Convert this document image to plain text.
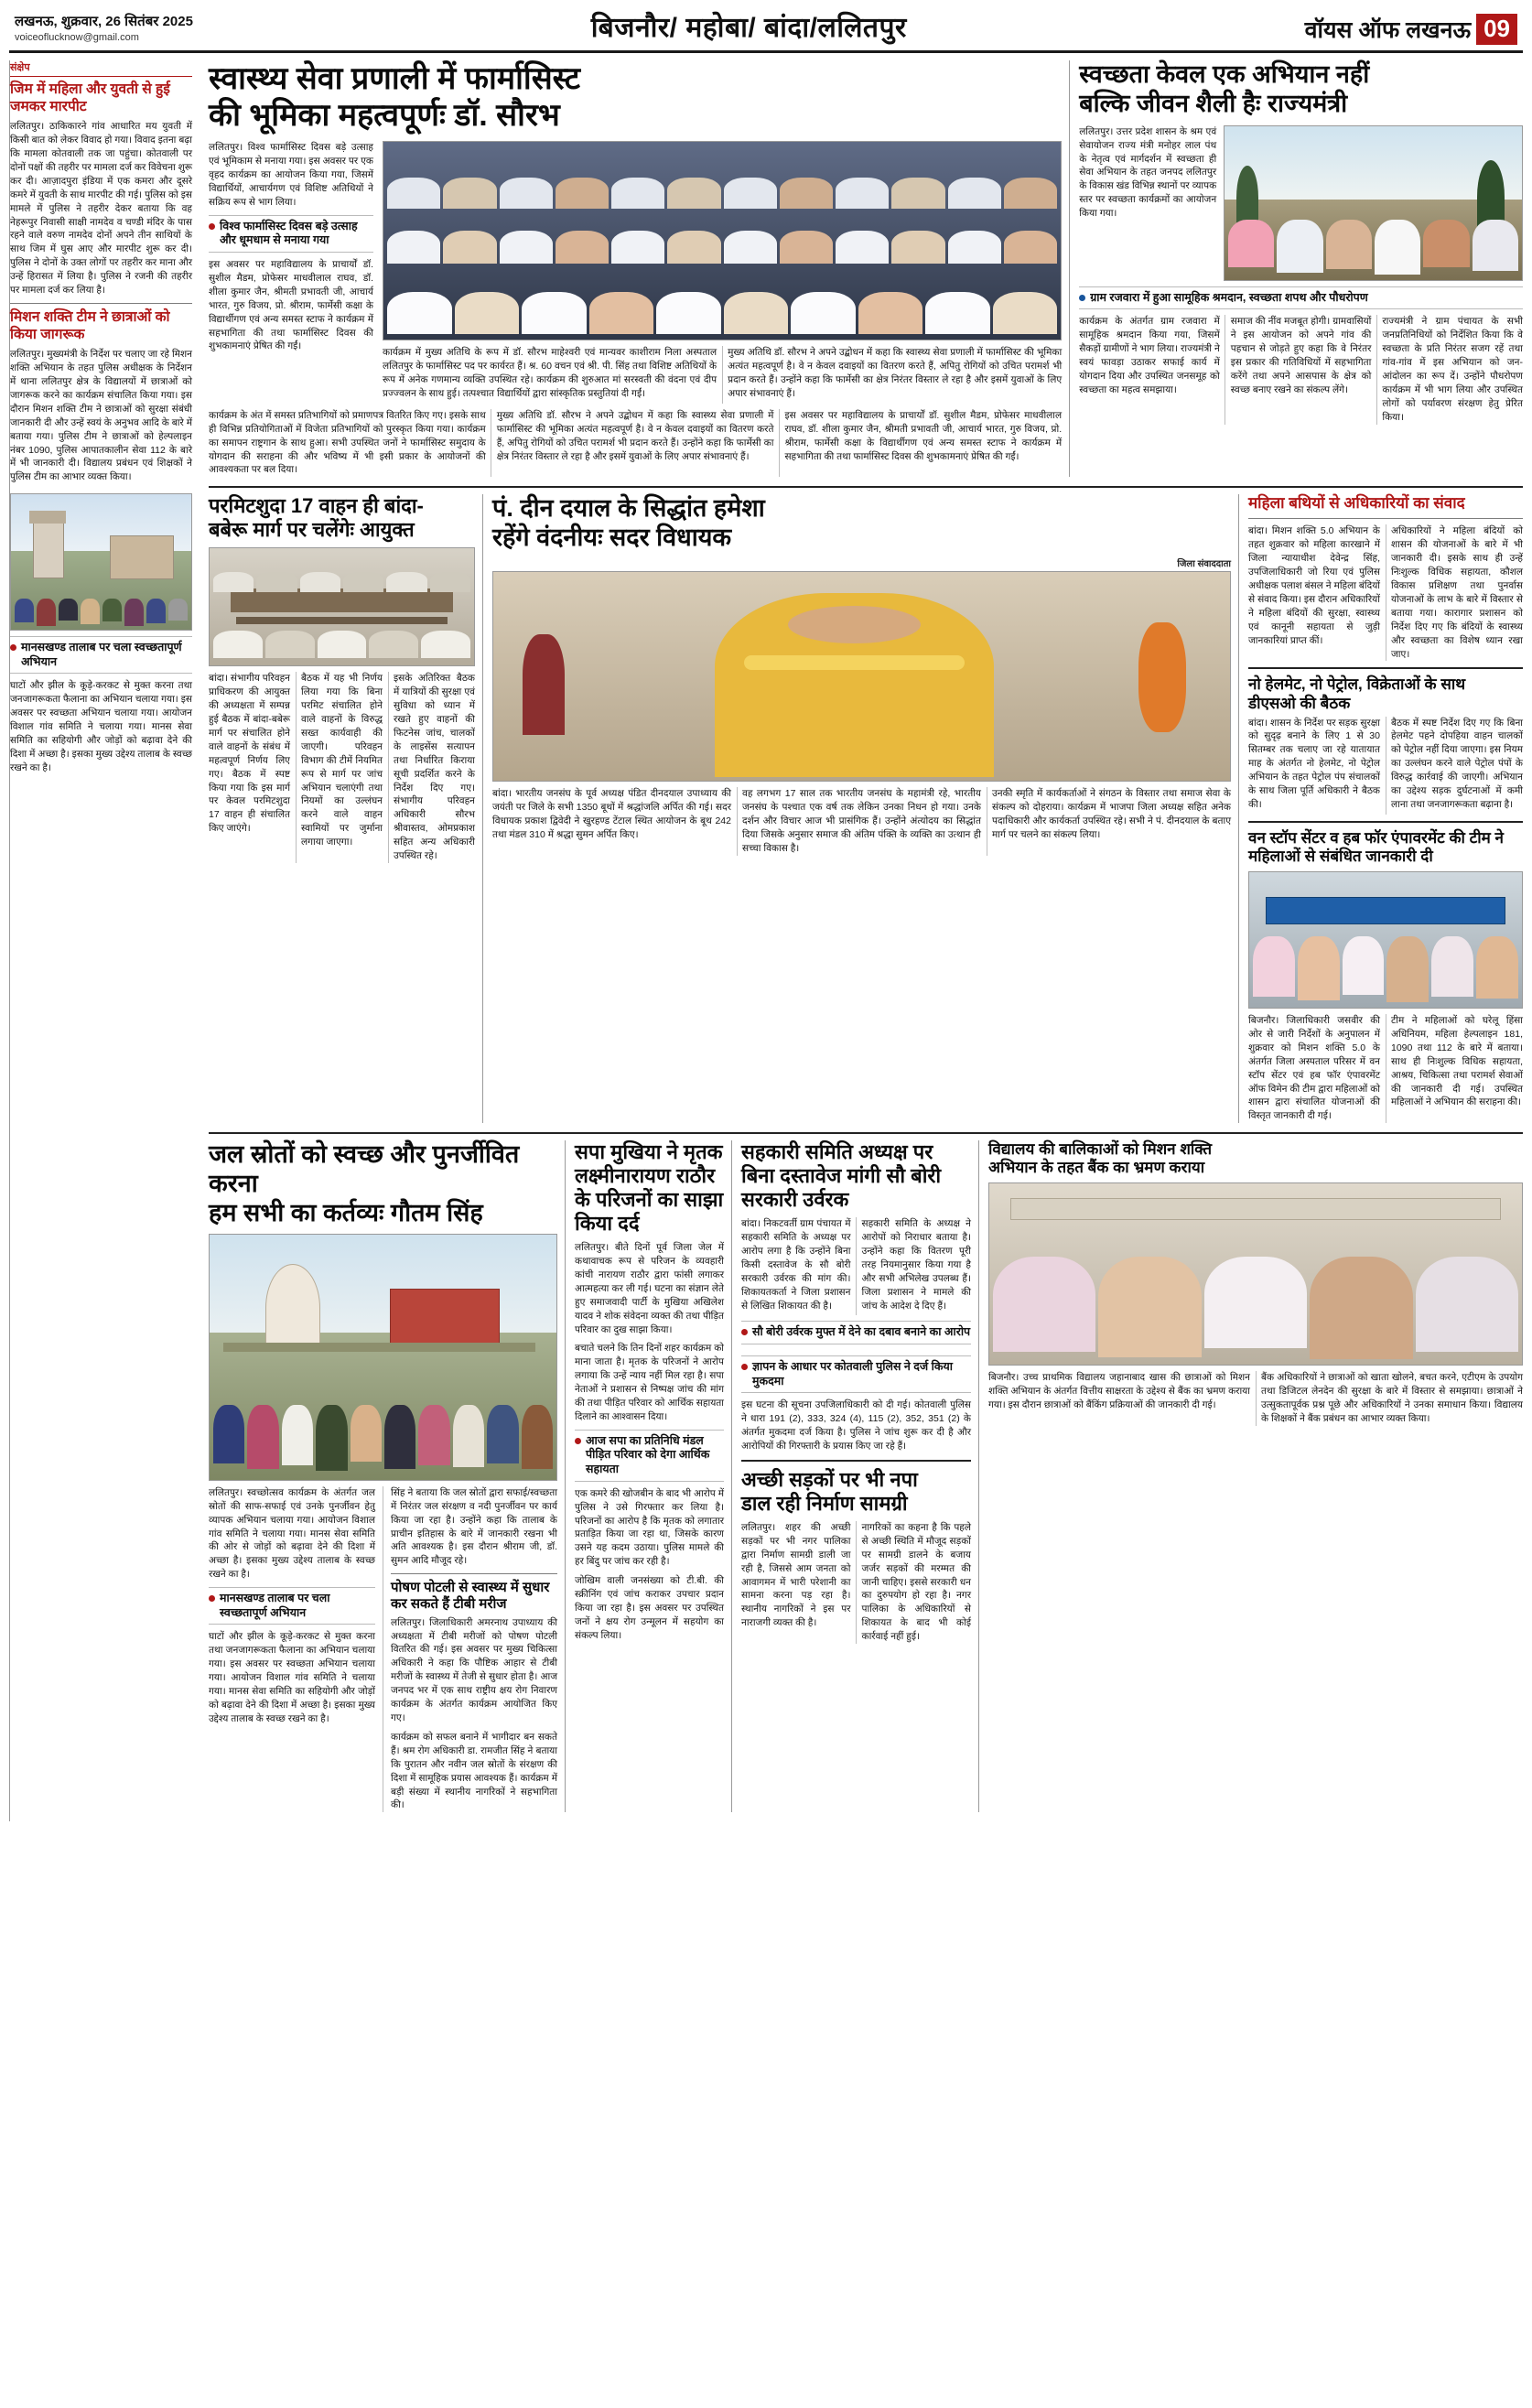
लखनऊ, शुक्रवार, 26 सितंबर 2025
voiceoflucknow@gmail.com	बिजनौर/ महोबा/ बांदा/ललितपुर	वॉयस ऑफ लखनऊ 09
संक्षेप
जिम में महिला और युवती से हुई जमकर मारपीट
ललितपुर। ठाकिकारने गांव आधारित मय युवती में किसी बात को लेकर विवाद हो गया। विवाद इतना बढ़ा कि मामला कोतवाली तक जा पहुंचा। कोतवाली पर दोनों पक्षों की तहरीर पर मामला दर्ज कर विवेचना शुरू कर दी। आज़ादपुरा इंडिया में एक कमरा और दूसरे कमरे में युवती के साथ मारपीट की गई। पुलिस को इस मामले में पुलिस ने तहरीर देकर बताया कि वह नेहरूपुर निवासी साक्षी नामदेव व चण्डी मंदिर के पास रहने वाले वरुण नामदेव दोनों अपने तीन साथियों के साथ जिम में घुस आए और मारपीट शुरू कर दी। पुलिस ने दोनों के उक्त लोगों पर तहरीर कर माना और उन्हें हिरासत में लिया है। पुलिस ने रजनी की तहरीर पर मामला दर्ज कर लिया है।
मिशन शक्ति टीम ने छात्राओं को किया जागरूक
ललितपुर। मुख्यमंत्री के निर्देश पर चलाए जा रहे मिशन शक्ति अभियान के तहत पुलिस अधीक्षक के निर्देशन में थाना ललितपुर क्षेत्र के विद्यालयों में छात्राओं को जागरूक करने का कार्यक्रम संचालित किया गया। इस दौरान मिशन शक्ति टीम ने छात्राओं को सुरक्षा संबंधी जानकारी दी और उन्हें स्वयं के अनुभव आदि के बारे में बताया गया। पुलिस टीम ने छात्राओं को हेल्पलाइन नंबर 1090, पुलिस आपातकालीन सेवा 112 के बारे में भी जानकारी दी। विद्यालय प्रबंधन एवं शिक्षकों ने पुलिस टीम का आभार व्यक्त किया।
मानसखण्ड तालाब पर चला स्वच्छतापूर्ण अभियान
घाटों और झील के कूड़े-करकट से मुक्त करना तथा जनजागरूकता फैलाना का अभियान चलाया गया। इस अवसर पर स्वच्छता अभियान चलाया गया। आयोजन विशाल गांव समिति ने चलाया गया। मानस सेवा समिति का सहियोगी और जोड़ों को बढ़ावा देने की दिशा में अच्छा है। इसका मुख्य उद्देश्य तालाब के स्वच्छ रखने का है।
स्वास्थ्य सेवा प्रणाली में फार्मासिस्ट
की भूमिका महत्वपूर्णः डॉ. सौरभ
ललितपुर। विश्व फार्मासिस्ट दिवस बड़े उत्साह एवं भूमिकाम से मनाया गया। इस अवसर पर एक वृहद कार्यक्रम का आयोजन किया गया, जिसमें विद्यार्थियों, आचार्यगण एवं विशिष्ट अतिथियों ने सक्रिय रूप से भाग लिया।
विश्व फार्मासिस्ट दिवस बड़े उत्साह और धूमधाम से मनाया गया
इस अवसर पर महाविद्यालय के प्राचार्यों डॉ. सुशील मैडम, प्रोफेसर माधवीलाल राघव, डॉ. शीला कुमार जैन, श्रीमती प्रभावती जी, आचार्य भारत, गुरु विजय, प्रो. श्रीराम, फार्मेसी कक्षा के विद्यार्थीगण एवं अन्य समस्त स्टाफ ने कार्यक्रम में सहभागिता की तथा फार्मासिस्ट दिवस की शुभकामनाएं प्रेषित की गईं।
कार्यक्रम में मुख्य अतिथि के रूप में डॉ. सौरभ माहेश्वरी एवं मान्यवर काशीराम निला अस्पताल ललितपुर के फार्मासिस्ट पद पर कार्यरत हैं। श्र. 60 वचन एवं श्री. पी. सिंह तथा विशिष्ट अतिथियों के रूप में अनेक गणमान्य व्यक्ति उपस्थित रहे। कार्यक्रम की शुरुआत मां सरस्वती की वंदना एवं दीप प्रज्ज्वलन के साथ हुई। तत्पश्चात विद्यार्थियों द्वारा सांस्कृतिक प्रस्तुतियां दी गईं।
मुख्य अतिथि डॉ. सौरभ ने अपने उद्बोधन में कहा कि स्वास्थ्य सेवा प्रणाली में फार्मासिस्ट की भूमिका अत्यंत महत्वपूर्ण है। वे न केवल दवाइयों का वितरण करते हैं, अपितु रोगियों को उचित परामर्श भी प्रदान करते हैं। उन्होंने कहा कि फार्मेसी का क्षेत्र निरंतर विस्तार ले रहा है और इसमें युवाओं के लिए अपार संभावनाएं हैं।
कार्यक्रम के अंत में समस्त प्रतिभागियों को प्रमाणपत्र वितरित किए गए। इसके साथ ही विभिन्न प्रतियोगिताओं में विजेता प्रतिभागियों को पुरस्कृत किया गया। कार्यक्रम का समापन राष्ट्रगान के साथ हुआ। सभी उपस्थित जनों ने फार्मासिस्ट समुदाय के योगदान की सराहना की और भविष्य में भी इसी प्रकार के आयोजनों की आवश्यकता पर बल दिया।
मुख्य अतिथि डॉ. सौरभ ने अपने उद्बोधन में कहा कि स्वास्थ्य सेवा प्रणाली में फार्मासिस्ट की भूमिका अत्यंत महत्वपूर्ण है। वे न केवल दवाइयों का वितरण करते हैं, अपितु रोगियों को उचित परामर्श भी प्रदान करते हैं। उन्होंने कहा कि फार्मेसी का क्षेत्र निरंतर विस्तार ले रहा है और इसमें युवाओं के लिए अपार संभावनाएं हैं।
इस अवसर पर महाविद्यालय के प्राचार्यों डॉ. सुशील मैडम, प्रोफेसर माधवीलाल राघव, डॉ. शीला कुमार जैन, श्रीमती प्रभावती जी, आचार्य भारत, गुरु विजय, प्रो. श्रीराम, फार्मेसी कक्षा के विद्यार्थीगण एवं अन्य समस्त स्टाफ ने कार्यक्रम में सहभागिता की तथा फार्मासिस्ट दिवस की शुभकामनाएं प्रेषित की गईं।
स्वच्छता केवल एक अभियान नहीं
बल्कि जीवन शैली हैः राज्यमंत्री
ललितपुर। उत्तर प्रदेश शासन के श्रम एवं सेवायोजन राज्य मंत्री मनोहर लाल पंथ के नेतृत्व एवं मार्गदर्शन में स्वच्छता ही सेवा अभियान के तहत जनपद ललितपुर के विकास खंड विभिन्न स्थानों पर व्यापक स्तर पर स्वच्छता कार्यक्रमों का आयोजन किया गया।
ग्राम रजवारा में हुआ सामूहिक श्रमदान, स्वच्छता शपथ और पौधरोपण
कार्यक्रम के अंतर्गत ग्राम रजवारा में सामूहिक श्रमदान किया गया, जिसमें सैकड़ों ग्रामीणों ने भाग लिया। राज्यमंत्री ने स्वयं फावड़ा उठाकर सफाई कार्य में योगदान दिया और उपस्थित जनसमूह को स्वच्छता का महत्व समझाया।
समाज की नींव मजबूत होगी। ग्रामवासियों ने इस आयोजन को अपने गांव की पहचान से जोड़ते हुए कहा कि वे निरंतर इस प्रकार की गतिविधियों में सहभागिता करेंगे तथा अपने आसपास के क्षेत्र को स्वच्छ बनाए रखने का संकल्प लेंगे।
राज्यमंत्री ने ग्राम पंचायत के सभी जनप्रतिनिधियों को निर्देशित किया कि वे स्वच्छता के प्रति निरंतर सजग रहें तथा गांव-गांव में इस अभियान को जन-आंदोलन का रूप दें। उन्होंने पौधरोपण कार्यक्रम में भी भाग लिया और उपस्थित लोगों को पर्यावरण संरक्षण हेतु प्रेरित किया।
परमिटशुदा 17 वाहन ही बांदा-
बबेरू मार्ग पर चलेंगेः आयुक्त
बांदा। संभागीय परिवहन प्राधिकरण की आयुक्त की अध्यक्षता में सम्पन्न हुई बैठक में बांदा-बबेरू मार्ग पर संचालित होने वाले वाहनों के संबंध में महत्वपूर्ण निर्णय लिए गए। बैठक में स्पष्ट किया गया कि इस मार्ग पर केवल परमिटशुदा 17 वाहन ही संचालित किए जाएंगे।
बैठक में यह भी निर्णय लिया गया कि बिना परमिट संचालित होने वाले वाहनों के विरुद्ध सख्त कार्यवाही की जाएगी। परिवहन विभाग की टीमें नियमित रूप से मार्ग पर जांच अभियान चलाएंगी तथा नियमों का उल्लंघन करने वाले वाहन स्वामियों पर जुर्माना लगाया जाएगा।
इसके अतिरिक्त बैठक में यात्रियों की सुरक्षा एवं सुविधा को ध्यान में रखते हुए वाहनों की फिटनेस जांच, चालकों के लाइसेंस सत्यापन तथा निर्धारित किराया सूची प्रदर्शित करने के निर्देश दिए गए। संभागीय परिवहन अधिकारी सौरभ श्रीवास्तव, ओमप्रकाश सहित अन्य अधिकारी उपस्थित रहे।
पं. दीन दयाल के सिद्धांत हमेशा
रहेंगे वंदनीयः सदर विधायक
जिला संवाददाता
बांदा। भारतीय जनसंघ के पूर्व अध्यक्ष पंडित दीनदयाल उपाध्याय की जयंती पर जिले के सभी 1350 बूथों में श्रद्धांजलि अर्पित की गई। सदर विधायक प्रकाश द्विवेदी ने खुरहण्ड टेंटाल स्थित आयोजन के बूथ 242 तथा मंडल 310 में श्रद्धा सुमन अर्पित किए।
वह लगभग 17 साल तक भारतीय जनसंघ के महामंत्री रहे, भारतीय जनसंघ के पश्चात एक वर्ष तक लेकिन उनका निधन हो गया। उनके दर्शन और विचार आज भी प्रासंगिक हैं। उन्होंने अंत्योदय का सिद्धांत दिया जिसके अनुसार समाज की अंतिम पंक्ति के व्यक्ति का उत्थान ही सच्चा विकास है।
उनकी स्मृति में कार्यकर्ताओं ने संगठन के विस्तार तथा समाज सेवा के संकल्प को दोहराया। कार्यक्रम में भाजपा जिला अध्यक्ष सहित अनेक पदाधिकारी और कार्यकर्ता उपस्थित रहे। सभी ने पं. दीनदयाल के बताए मार्ग पर चलने का संकल्प लिया।
महिला बथियों से अधिकारियों का संवाद
बांदा। मिशन शक्ति 5.0 अभियान के तहत शुक्रवार को महिला कारखाने में जिला न्यायाधीश देवेन्द्र सिंह, उपजिलाधिकारी जो रिया एवं पुलिस अधीक्षक पलाश बंसल ने महिला बंदियों से संवाद किया। इस दौरान अधिकारियों ने महिला बंदियों की सुरक्षा, स्वास्थ्य एवं कानूनी सहायता से जुड़ी जानकारियां प्राप्त कीं।
अधिकारियों ने महिला बंदियों को शासन की योजनाओं के बारे में भी जानकारी दी। इसके साथ ही उन्हें निःशुल्क विधिक सहायता, कौशल विकास प्रशिक्षण तथा पुनर्वास योजनाओं के लाभ के बारे में विस्तार से बताया गया। कारागार प्रशासन को निर्देश दिए गए कि बंदियों के स्वास्थ्य और स्वच्छता का विशेष ध्यान रखा जाए।
नो हेलमेट, नो पेट्रोल, विक्रेताओं के साथ
डीएसओ की बैठक
बांदा। शासन के निर्देश पर सड़क सुरक्षा को सुदृढ़ बनाने के लिए 1 से 30 सितम्बर तक चलाए जा रहे यातायात माह के अंतर्गत नो हेलमेट, नो पेट्रोल अभियान के तहत पेट्रोल पंप संचालकों के साथ जिला पूर्ति अधिकारी ने बैठक की।
बैठक में स्पष्ट निर्देश दिए गए कि बिना हेलमेट पहने दोपहिया वाहन चालकों को पेट्रोल नहीं दिया जाएगा। इस नियम का उल्लंघन करने वाले पेट्रोल पंपों के विरुद्ध कार्रवाई की जाएगी। अभियान का उद्देश्य सड़क दुर्घटनाओं में कमी लाना तथा जनजागरूकता बढ़ाना है।
वन स्टॉप सेंटर व हब फॉर एंपावरमेंट की टीम ने महिलाओं से संबंधित जानकारी दी
बिजनौर। जिलाधिकारी जसवीर की ओर से जारी निर्देशों के अनुपालन में शुक्रवार को मिशन शक्ति 5.0 के अंतर्गत जिला अस्पताल परिसर में वन स्टॉप सेंटर एवं हब फॉर एंपावरमेंट ऑफ विमेन की टीम द्वारा महिलाओं को शासन द्वारा संचालित योजनाओं की विस्तृत जानकारी दी गई।
टीम ने महिलाओं को घरेलू हिंसा अधिनियम, महिला हेल्पलाइन 181, 1090 तथा 112 के बारे में बताया। साथ ही निःशुल्क विधिक सहायता, आश्रय, चिकित्सा तथा परामर्श सेवाओं की जानकारी दी गई। उपस्थित महिलाओं ने अभियान की सराहना की।
जल स्रोतों को स्वच्छ और पुनर्जीवित करना
हम सभी का कर्तव्यः गौतम सिंह
ललितपुर। स्वच्छोत्सव कार्यक्रम के अंतर्गत जल स्रोतों की साफ-सफाई एवं उनके पुनर्जीवन हेतु व्यापक अभियान चलाया गया। आयोजन विशाल गांव समिति ने चलाया गया। मानस सेवा समिति की ओर से जोड़ों को बढ़ावा देने की दिशा में अच्छा है। इसका मुख्य उद्देश्य तालाब के स्वच्छ रखने का है।
मानसखण्ड तालाब पर चला स्वच्छतापूर्ण अभियान
घाटों और झील के कूड़े-करकट से मुक्त करना तथा जनजागरूकता फैलाना का अभियान चलाया गया। इस अवसर पर स्वच्छता अभियान चलाया गया। आयोजन विशाल गांव समिति ने चलाया गया। मानस सेवा समिति का सहियोगी और जोड़ों को बढ़ावा देने की दिशा में अच्छा है। इसका मुख्य उद्देश्य तालाब के स्वच्छ रखने का है।
सिंह ने बताया कि जल स्रोतों द्वारा सफाई/स्वच्छता में निरंतर जल संरक्षण व नदी पुनर्जीवन पर कार्य किया जा रहा है। उन्होंने कहा कि तालाब के प्राचीन इतिहास के बारे में जानकारी रखना भी अति आवश्यक है। इस दौरान श्रीराम जी, डॉ. सुमन आदि मौजूद रहे।
पोषण पोटली से स्वास्थ्य में सुधार कर सकते हैं टीबी मरीज
ललितपुर। जिलाधिकारी अमरनाथ उपाध्याय की अध्यक्षता में टीबी मरीजों को पोषण पोटली वितरित की गई। इस अवसर पर मुख्य चिकित्सा अधिकारी ने कहा कि पौष्टिक आहार से टीबी मरीजों के स्वास्थ्य में तेजी से सुधार होता है। आज जनपद भर में एक साथ राष्ट्रीय क्षय रोग निवारण कार्यक्रम के अंतर्गत कार्यक्रम आयोजित किए गए।
कार्यक्रम को सफल बनाने में भागीदार बन सकते हैं। श्रम रोग अधिकारी डा. रामजीत सिंह ने बताया कि पुरातन और नवीन जल स्रोतों के संरक्षण की दिशा में सामूहिक प्रयास आवश्यक हैं। कार्यक्रम में बड़ी संख्या में स्थानीय नागरिकों ने सहभागिता की।
सपा मुखिया ने मृतक लक्ष्मीनारायण राठौर के परिजनों का साझा किया दर्द
ललितपुर। बीते दिनों पूर्व जिला जेल में कथावाचक रूप से परिजन के व्यवहारी कांची नारायण राठौर द्वारा फांसी लगाकर आत्महत्या कर ली गई। घटना का संज्ञान लेते हुए समाजवादी पार्टी के मुखिया अखिलेश यादव ने शोक संवेदना व्यक्त की तथा पीड़ित परिवार का दुख साझा किया।
बचाते चलने कि तिन दिनों शहर कार्यक्रम को माना जाता है। मृतक के परिजनों ने आरोप लगाया कि उन्हें न्याय नहीं मिल रहा है। सपा नेताओं ने प्रशासन से निष्पक्ष जांच की मांग की तथा पीड़ित परिवार को आर्थिक सहायता दिलाने का आश्वासन दिया।
आज सपा का प्रतिनिधि मंडल पीड़ित परिवार को देगा आर्थिक सहायता
एक कमरे की खोजबीन के बाद भी आरोप में पुलिस ने उसे गिरफ्तार कर लिया है। परिजनों का आरोप है कि मृतक को लगातार प्रताड़ित किया जा रहा था, जिसके कारण उसने यह कदम उठाया। पुलिस मामले की हर बिंदु पर जांच कर रही है।
जोखिम वाली जनसंख्या को टी.बी. की स्क्रीनिंग एवं जांच कराकर उपचार प्रदान किया जा रहा है। इस अवसर पर उपस्थित जनों ने क्षय रोग उन्मूलन में सहयोग का संकल्प लिया।
सहकारी समिति अध्यक्ष पर बिना दस्तावेज मांगी सौ बोरी सरकारी उर्वरक
बांदा। निकटवर्ती ग्राम पंचायत में सहकारी समिति के अध्यक्ष पर आरोप लगा है कि उन्होंने बिना किसी दस्तावेज के सौ बोरी सरकारी उर्वरक की मांग की। शिकायतकर्ता ने जिला प्रशासन से लिखित शिकायत की है।
सहकारी समिति के अध्यक्ष ने आरोपों को निराधार बताया है। उन्होंने कहा कि वितरण पूरी तरह नियमानुसार किया गया है और सभी अभिलेख उपलब्ध हैं। जिला प्रशासन ने मामले की जांच के आदेश दे दिए हैं।
सौ बोरी उर्वरक मुफ्त में देने का दबाव बनाने का आरोप
ज्ञापन के आधार पर कोतवाली पुलिस ने दर्ज किया मुकदमा
इस घटना की सूचना उपजिलाधिकारी को दी गई। कोतवाली पुलिस ने धारा 191 (2), 333, 324 (4), 115 (2), 352, 351 (2) के अंतर्गत मुकदमा दर्ज किया है। पुलिस ने जांच शुरू कर दी है और आरोपियों की गिरफ्तारी के प्रयास किए जा रहे हैं।
अच्छी सड़कों पर भी नपा
डाल रही निर्माण सामग्री
ललितपुर। शहर की अच्छी सड़कों पर भी नगर पालिका द्वारा निर्माण सामग्री डाली जा रही है, जिससे आम जनता को आवागमन में भारी परेशानी का सामना करना पड़ रहा है। स्थानीय नागरिकों ने इस पर नाराजगी व्यक्त की है।
नागरिकों का कहना है कि पहले से अच्छी स्थिति में मौजूद सड़कों पर सामग्री डालने के बजाय जर्जर सड़कों की मरम्मत की जानी चाहिए। इससे सरकारी धन का दुरुपयोग हो रहा है। नगर पालिका के अधिकारियों से शिकायत के बाद भी कोई कार्रवाई नहीं हुई।
विद्यालय की बालिकाओं को मिशन शक्ति
अभियान के तहत बैंक का भ्रमण कराया
बिजनौर। उच्च प्राथमिक विद्यालय जहानाबाद खास की छात्राओं को मिशन शक्ति अभियान के अंतर्गत वित्तीय साक्षरता के उद्देश्य से बैंक का भ्रमण कराया गया। इस दौरान छात्राओं को बैंकिंग प्रक्रियाओं की जानकारी दी गई।
बैंक अधिकारियों ने छात्राओं को खाता खोलने, बचत करने, एटीएम के उपयोग तथा डिजिटल लेनदेन की सुरक्षा के बारे में विस्तार से समझाया। छात्राओं ने उत्सुकतापूर्वक प्रश्न पूछे और अधिकारियों ने उनका समाधान किया। विद्यालय के शिक्षकों ने बैंक प्रबंधन का आभार व्यक्त किया।
